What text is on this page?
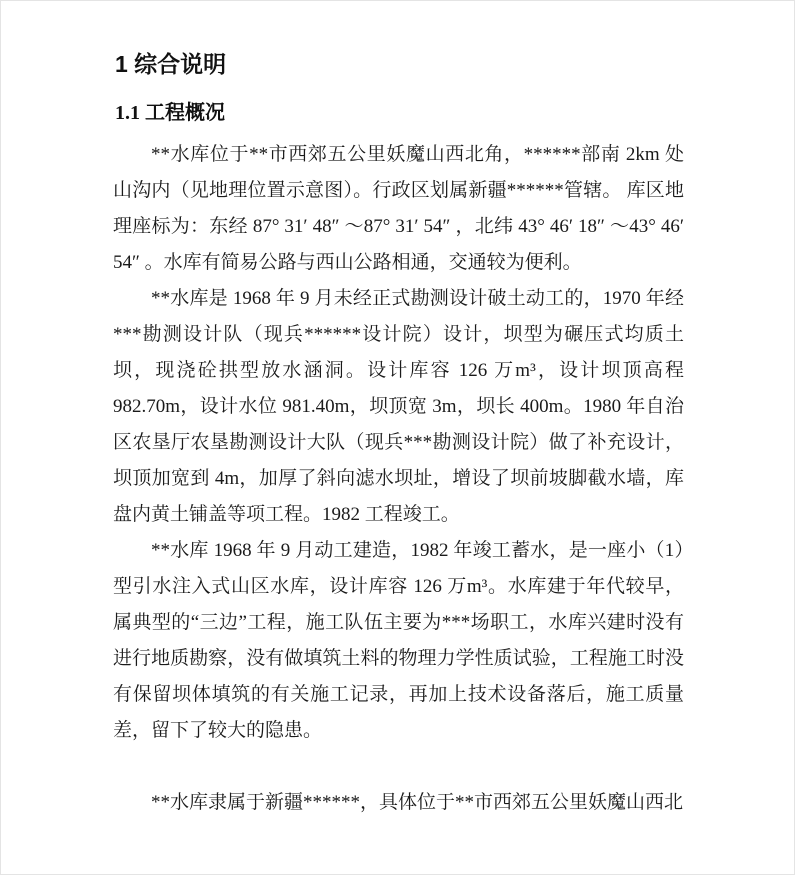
1 综合说明
1.1 工程概况

**水库位于**市西郊五公里妖魔山西北角，******部南 2km 处山沟内（见地理位置示意图）。行政区划属新疆******管辖。 库区地理座标为：东经 87° 31′ 48″ ～87° 31′ 54″ ，北纬 43° 46′ 18″ ～43° 46′ 54″ 。水库有简易公路与西山公路相通，交通较为便利。

**水库是 1968 年 9 月未经正式勘测设计破土动工的，1970 年经***勘测设计队（现兵******设计院）设计，坝型为碾压式均质土坝，现浇砼拱型放水涵洞。设计库容 126 万m³，设计坝顶高程 982.70m，设计水位 981.40m，坝顶宽 3m，坝长 400m。1980 年自治区农垦厅农垦勘测设计大队（现兵***勘测设计院）做了补充设计，坝顶加宽到 4m，加厚了斜向滤水坝址，增设了坝前坡脚截水墙，库盘内黄土铺盖等项工程。1982 工程竣工。

**水库 1968 年 9 月动工建造，1982 年竣工蓄水，是一座小（1）型引水注入式山区水库，设计库容 126 万m³。水库建于年代较早，属典型的“三边”工程，施工队伍主要为***场职工，水库兴建时没有进行地质勘察，没有做填筑土料的物理力学性质试验，工程施工时没有保留坝体填筑的有关施工记录，再加上技术设备落后，施工质量差，留下了较大的隐患。

**水库隶属于新疆******，具体位于**市西郊五公里妖魔山西北
